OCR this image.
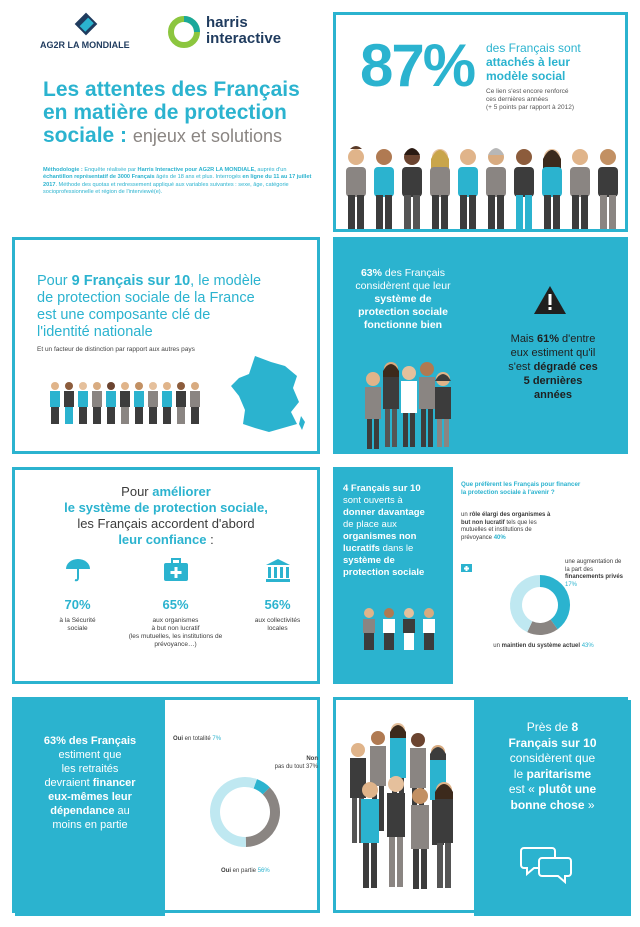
AG2R LA MONDIALE
harris
interactive
Les attentes des Français
en matière de protection
sociale : enjeux et solutions
Méthodologie : Enquête réalisée par Harris Interactive pour AG2R LA MONDIALE, auprès d'un échantillon représentatif de 3000 Français âgés de 18 ans et plus. Interrogés en ligne du 11 au 17 juillet 2017. Méthode des quotas et redressement appliqué aux variables suivantes : sexe, âge, catégorie socioprofessionnelle et région de l'interviewé(e).
87% des Français sont
attachés à leur
modèle social
Ce lien s'est encore renforcé
ces dernières années
(+ 5 points par rapport à 2012)
Pour 9 Français sur 10, le modèle
de protection sociale de la France
est une composante clé de
l'identité nationale
Et un facteur de distinction par rapport aux autres pays
63% des Français
considèrent que leur
système de
protection sociale
fonctionne bien
Mais 61% d'entre
eux estiment qu'il
s'est dégradé ces
5 dernières
années
Pour améliorer
le système de protection sociale,
les Français accordent d'abord
leur confiance :
70%
à la Sécurité
sociale
65%
aux organismes
à but non lucratif
(les mutuelles, les institutions de prévoyance…)
56%
aux collectivités
locales
4 Français sur 10
sont ouverts à
donner davantage
de place aux
organismes non
lucratifs dans le
système de
protection sociale
Que préfèrent les Français pour financer
la protection sociale à l'avenir ?
un rôle élargi des organismes à but non lucratif tels que les mutuelles et institutions de prévoyance 40%
une augmentation de la part des financements privés 17%
un maintien du système actuel 43%
63% des Français
estiment que
les retraités
devraient financer
eux-mêmes leur
dépendance au
moins en partie
Oui en totalité 7%
Non
pas du tout 37%
Oui en partie 56%
Près de 8
Français sur 10
considèrent que
le paritarisme
est « plutôt une
bonne chose »
